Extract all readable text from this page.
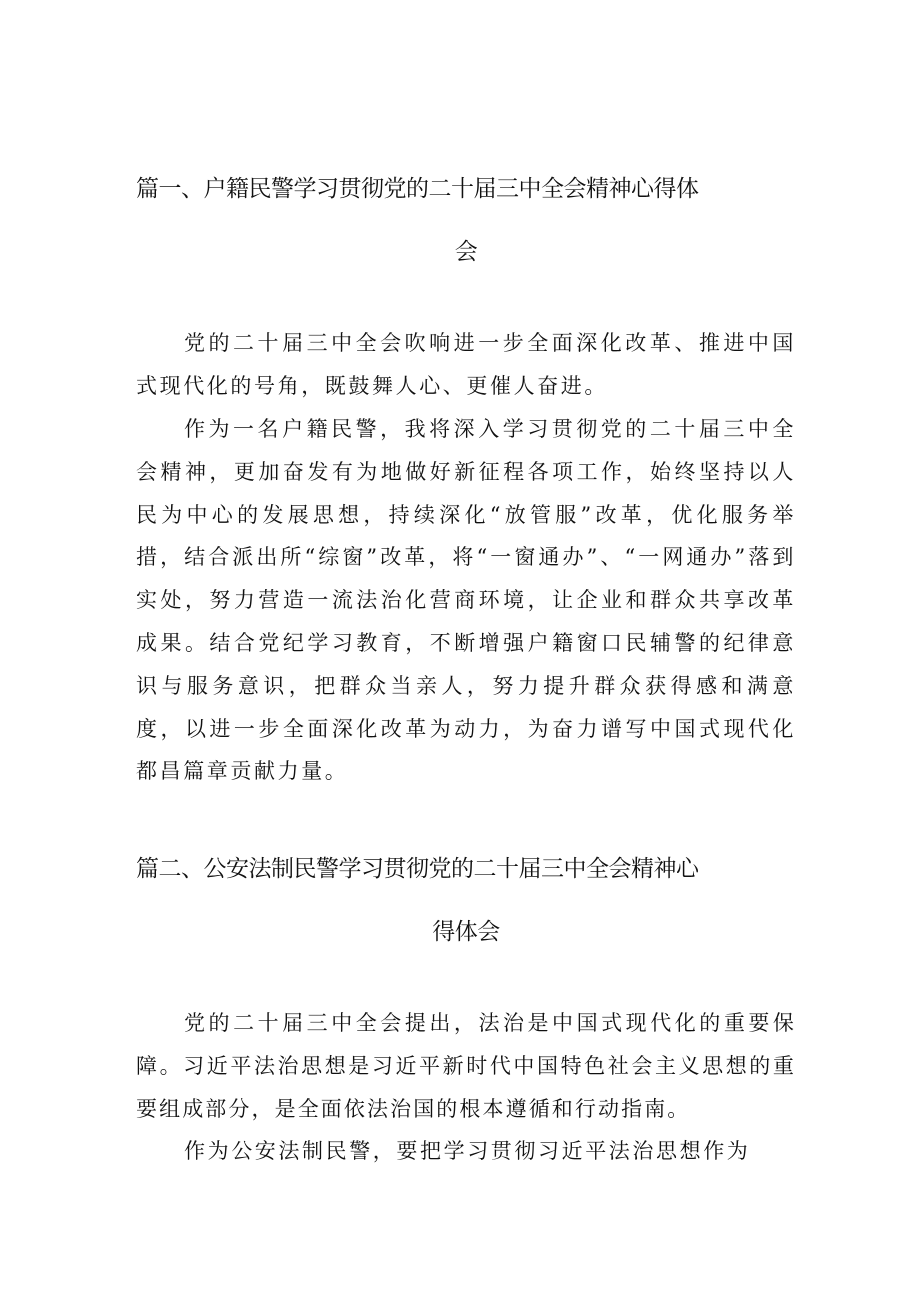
篇一、户籍民警学习贯彻党的二十届三中全会精神心得体
会

党的二十届三中全会吹响进一步全面深化改革、推进中国式现代化的号角，既鼓舞人心、更催人奋进。

作为一名户籍民警，我将深入学习贯彻党的二十届三中全会精神，更加奋发有为地做好新征程各项工作，始终坚持以人民为中心的发展思想，持续深化“放管服”改革，优化服务举措，结合派出所“综窗”改革，将“一窗通办”、“一网通办”落到实处，努力营造一流法治化营商环境，让企业和群众共享改革成果。结合党纪学习教育，不断增强户籍窗口民辅警的纪律意识与服务意识，把群众当亲人，努力提升群众获得感和满意度，以进一步全面深化改革为动力，为奋力谱写中国式现代化都昌篇章贡献力量。

篇二、公安法制民警学习贯彻党的二十届三中全会精神心
得体会

党的二十届三中全会提出，法治是中国式现代化的重要保障。习近平法治思想是习近平新时代中国特色社会主义思想的重要组成部分，是全面依法治国的根本遵循和行动指南。

作为公安法制民警，要把学习贯彻习近平法治思想作为
